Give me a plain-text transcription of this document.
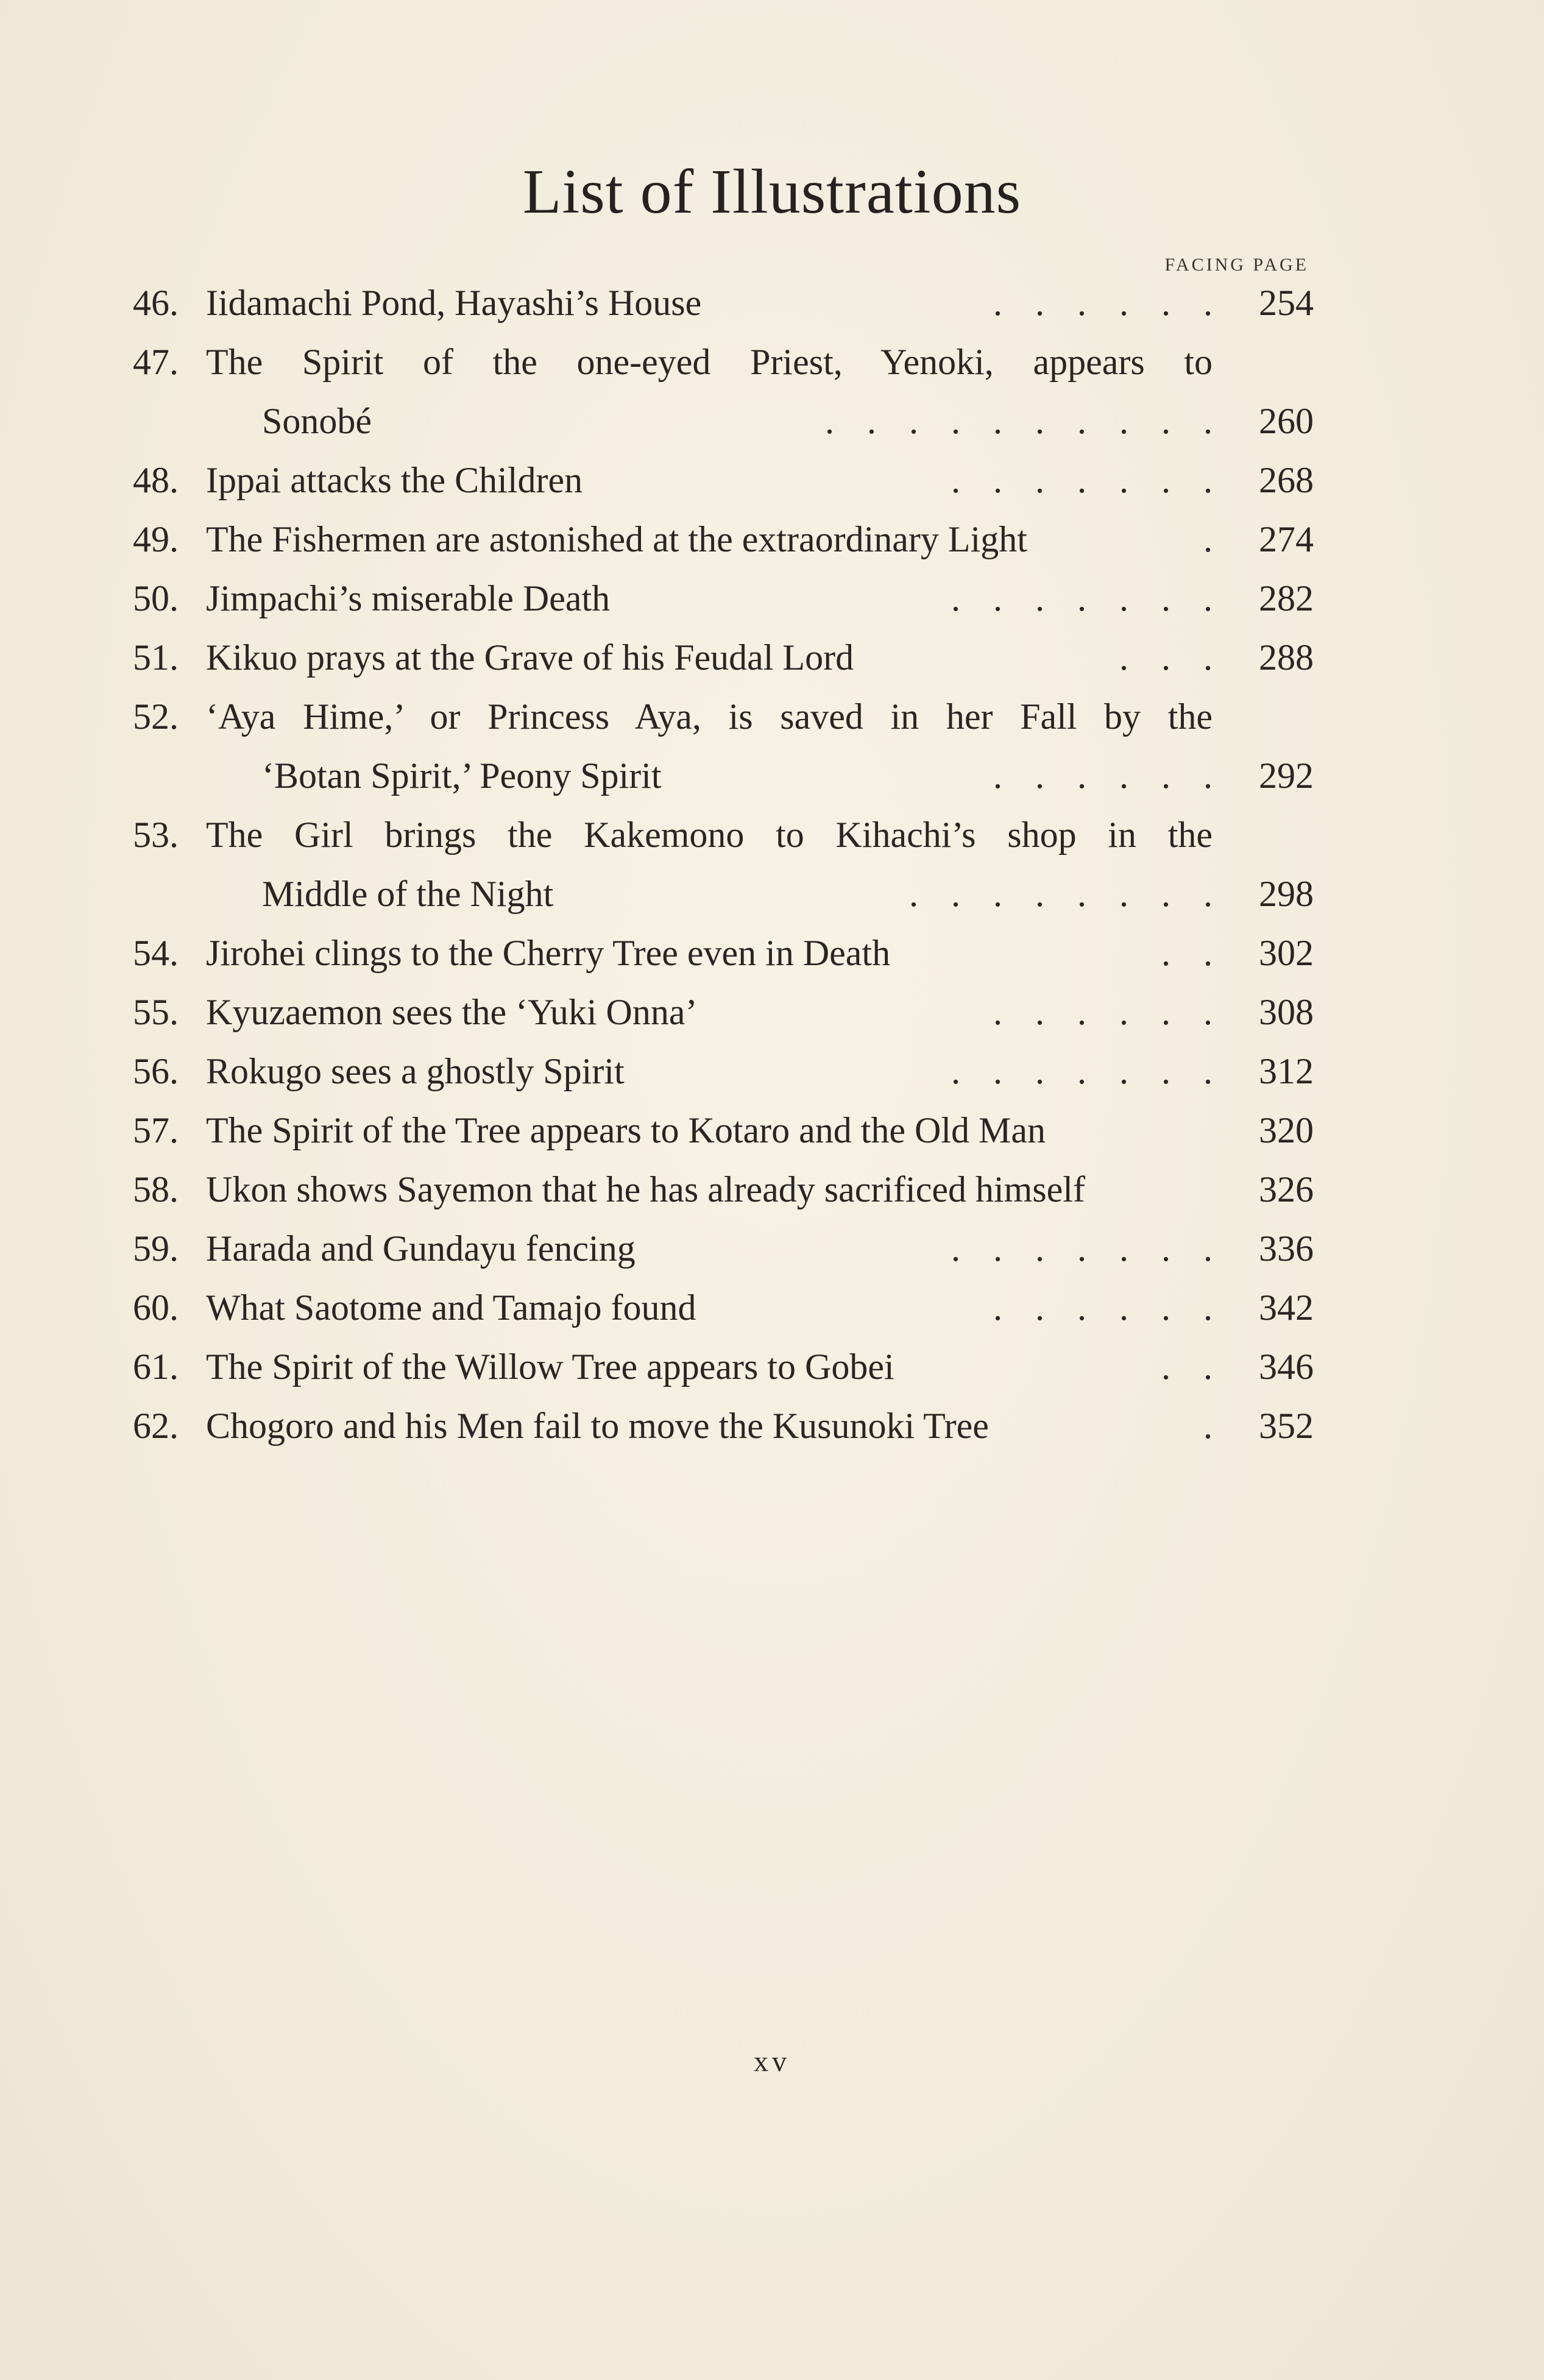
List of Illustrations
FACING PAGE
46. Iidamachi Pond, Hayashi’s House	...... 254
47. The Spirit of the one-eyed Priest, Yenoki, appears to
Sonobé	.......... 260
48. Ippai attacks the Children	....... 268
49. The Fishermen are astonished at the extraordinary Light	. 274
50. Jimpachi’s miserable Death	....... 282
51. Kikuo prays at the Grave of his Feudal Lord	... 288
52. ‘Aya Hime,’ or Princess Aya, is saved in her Fall by the
‘Botan Spirit,’ Peony Spirit	...... 292
53. The Girl brings the Kakemono to Kihachi’s shop in the
Middle of the Night	........ 298
54. Jirohei clings to the Cherry Tree even in Death	.. 302
55. Kyuzaemon sees the ‘Yuki Onna’	...... 308
56. Rokugo sees a ghostly Spirit	....... 312
57. The Spirit of the Tree appears to Kotaro and the Old Man	320
58. Ukon shows Sayemon that he has already sacrificed himself	326
59. Harada and Gundayu fencing	....... 336
60. What Saotome and Tamajo found	...... 342
61. The Spirit of the Willow Tree appears to Gobei	.. 346
62. Chogoro and his Men fail to move the Kusunoki Tree	. 352
xv
